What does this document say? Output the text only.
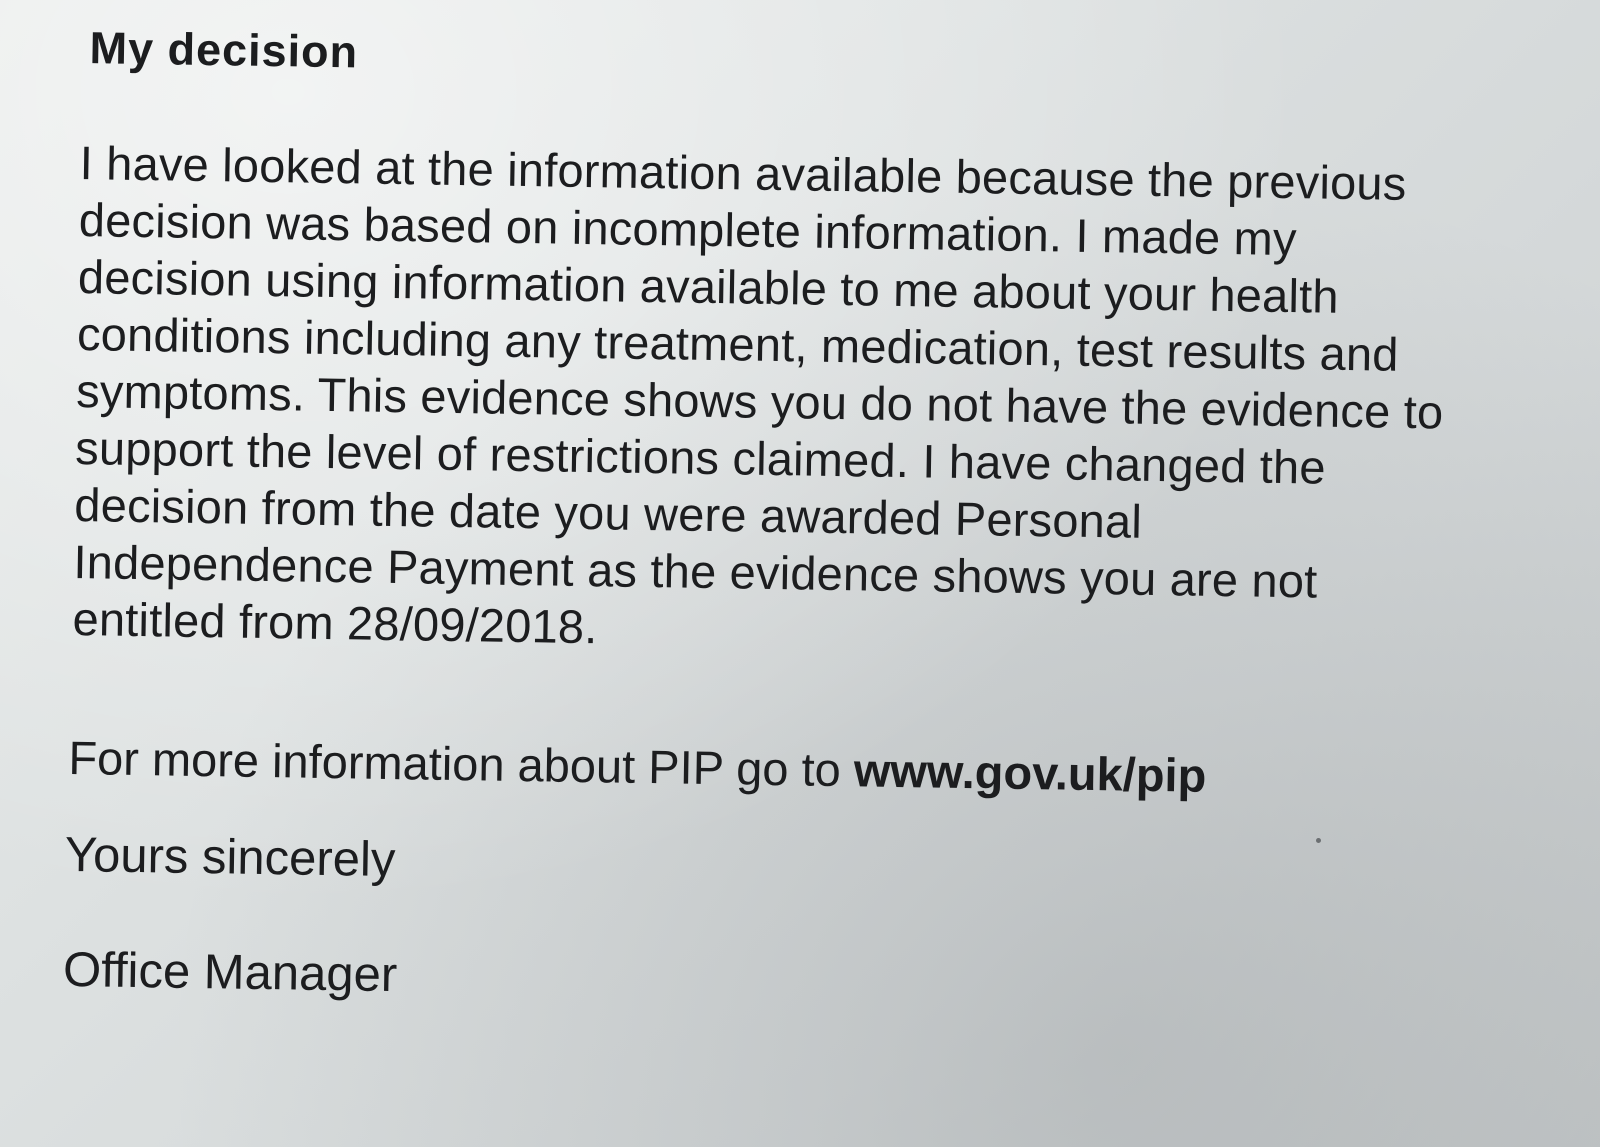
My decision

I have looked at the information available because the previous
decision was based on incomplete information. I made my
decision using information available to me about your health
conditions including any treatment, medication, test results and
symptoms. This evidence shows you do not have the evidence to
support the level of restrictions claimed. I have changed the
decision from the date you were awarded Personal
Independence Payment as the evidence shows you are not
entitled from 28/09/2018.

For more information about PIP go to www.gov.uk/pip

Yours sincerely
Office Manager
